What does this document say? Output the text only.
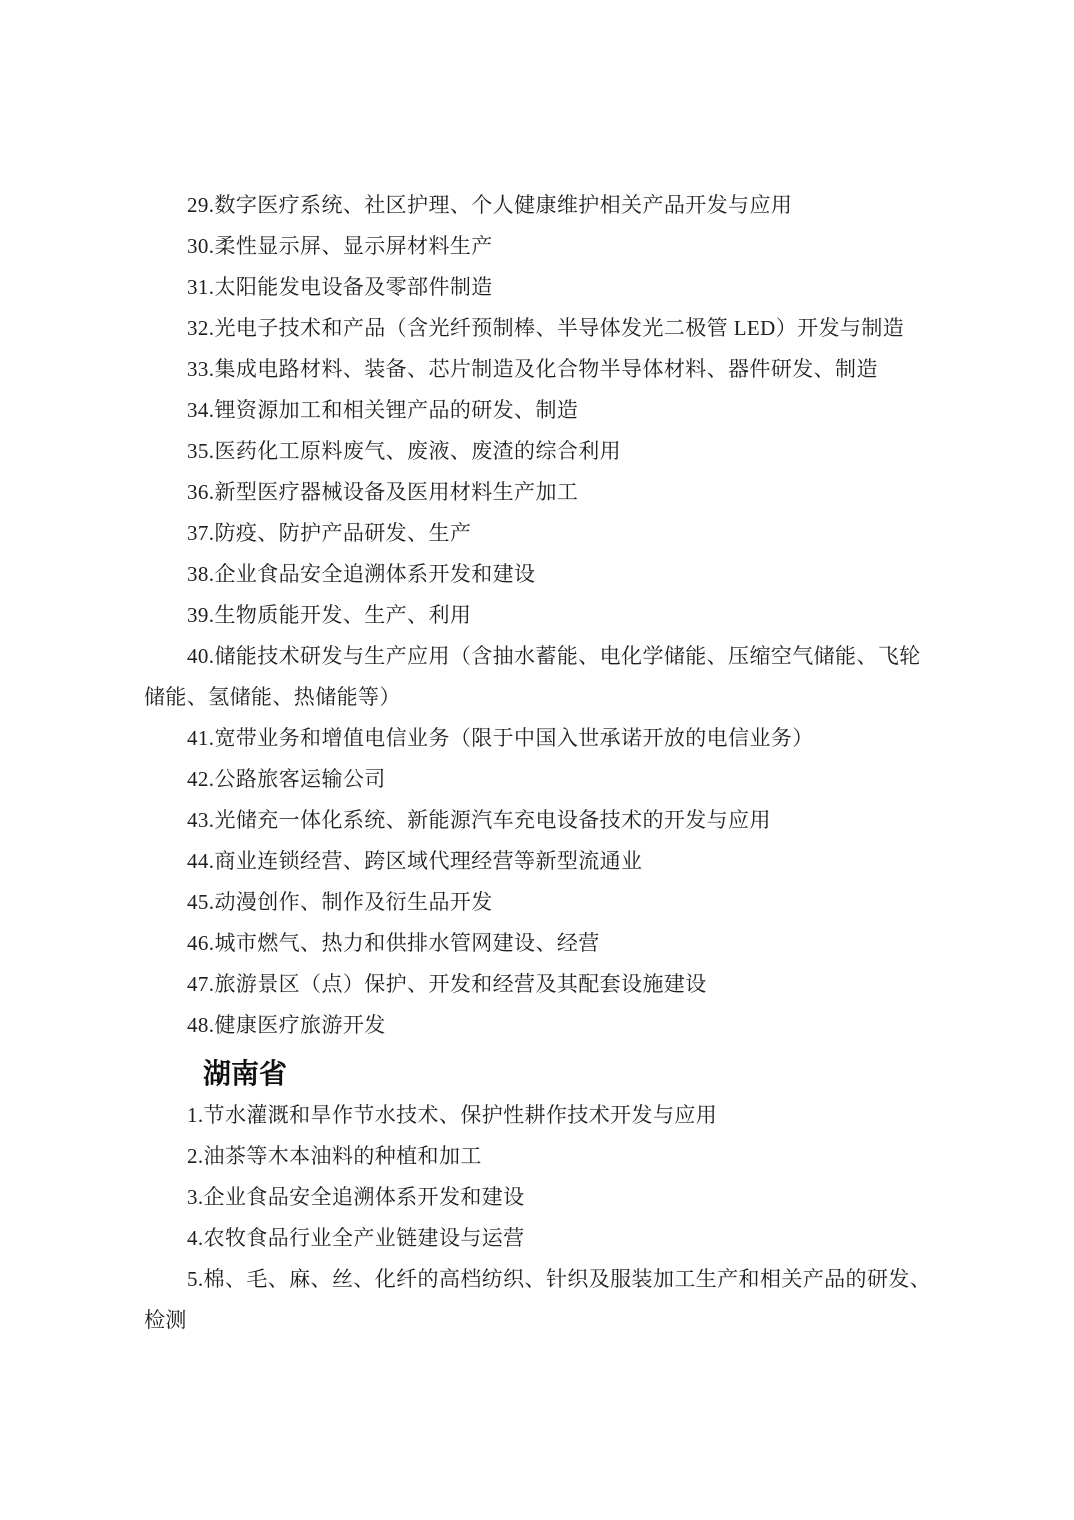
29.数字医疗系统、社区护理、个人健康维护相关产品开发与应用
30.柔性显示屏、显示屏材料生产
31.太阳能发电设备及零部件制造
32.光电子技术和产品（含光纤预制棒、半导体发光二极管 LED）开发与制造
33.集成电路材料、装备、芯片制造及化合物半导体材料、器件研发、制造
34.锂资源加工和相关锂产品的研发、制造
35.医药化工原料废气、废液、废渣的综合利用
36.新型医疗器械设备及医用材料生产加工
37.防疫、防护产品研发、生产
38.企业食品安全追溯体系开发和建设
39.生物质能开发、生产、利用
40.储能技术研发与生产应用（含抽水蓄能、电化学储能、压缩空气储能、飞轮
储能、氢储能、热储能等）
41.宽带业务和增值电信业务（限于中国入世承诺开放的电信业务）
42.公路旅客运输公司
43.光储充一体化系统、新能源汽车充电设备技术的开发与应用
44.商业连锁经营、跨区域代理经营等新型流通业
45.动漫创作、制作及衍生品开发
46.城市燃气、热力和供排水管网建设、经营
47.旅游景区（点）保护、开发和经营及其配套设施建设
48.健康医疗旅游开发
湖南省
1.节水灌溉和旱作节水技术、保护性耕作技术开发与应用
2.油茶等木本油料的种植和加工
3.企业食品安全追溯体系开发和建设
4.农牧食品行业全产业链建设与运营
5.棉、毛、麻、丝、化纤的高档纺织、针织及服装加工生产和相关产品的研发、
检测
